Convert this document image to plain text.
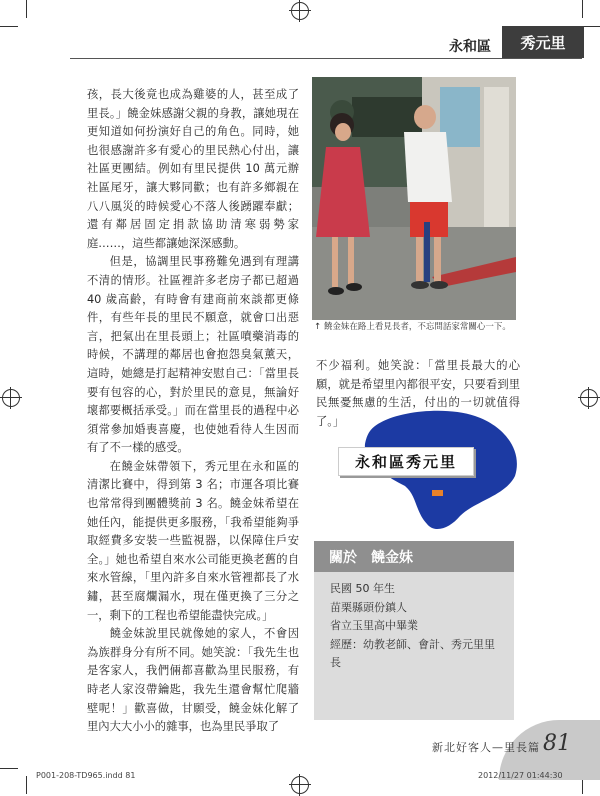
永和區 秀元里

孩，長大後竟也成為雞婆的人，甚至成了里長。」饒金妹感謝父親的身教，讓她現在更知道如何扮演好自己的角色。同時，她也很感謝許多有愛心的里民熱心付出，讓社區更團結。例如有里民提供 10 萬元辦社區尾牙，讓大夥同歡；也有許多鄉親在八八風災的時候愛心不落人後踴躍奉獻；還有鄰居固定捐款協助清寒弱勢家庭……，這些都讓她深深感動。

但是，協調里民事務難免遇到有理講不清的情形。社區裡許多老房子都已超過 40 歲高齡，有時會有建商前來談都更條件，有些年長的里民不願意，就會口出惡言，把氣出在里長頭上；社區噴藥消毒的時候，不講理的鄰居也會抱怨臭氣薰天，這時，她總是打起精神安慰自己：「當里長要有包容的心，對於里民的意見，無論好壞都要概括承受。」而在當里長的過程中必須常參加婚喪喜慶，也使她看待人生因而有了不一樣的感受。

在饒金妹帶領下，秀元里在永和區的清潔比賽中，得到第 3 名；市運各項比賽也常常得到團體獎前 3 名。饒金妹希望在她任內，能提供更多服務，「我希望能夠爭取經費多安裝一些監視器，以保障住戶安全。」她也希望自來水公司能更換老舊的自來水管線，「里內許多自來水管裡都長了水鏽，甚至腐爛漏水，現在僅更換了三分之一，剩下的工程也希望能盡快完成。」

饒金妹說里民就像她的家人，不會因為族群身分有所不同。她笑說：「我先生也是客家人，我們倆都喜歡為里民服務，有時老人家沒帶鑰匙，我先生還會幫忙爬牆壁呢！」歡喜做，甘願受，饒金妹化解了里內大大小小的雜事，也為里民爭取了

↑ 饒金妹在路上看見長者，不忘問話家常關心一下。

不少福利。她笑說：「當里長最大的心願，就是希望里內都很平安，只要看到里民無憂無慮的生活，付出的一切就值得了。」

永和區秀元里
關於　饒金妹
民國 50 年生
苗栗縣頭份鎮人
省立玉里高中畢業
經歷：幼教老師、會計、秀元里里長
新北好客人—里長篇 81
P001-208-TD965.indd 81	2012/11/27 01:44:30
